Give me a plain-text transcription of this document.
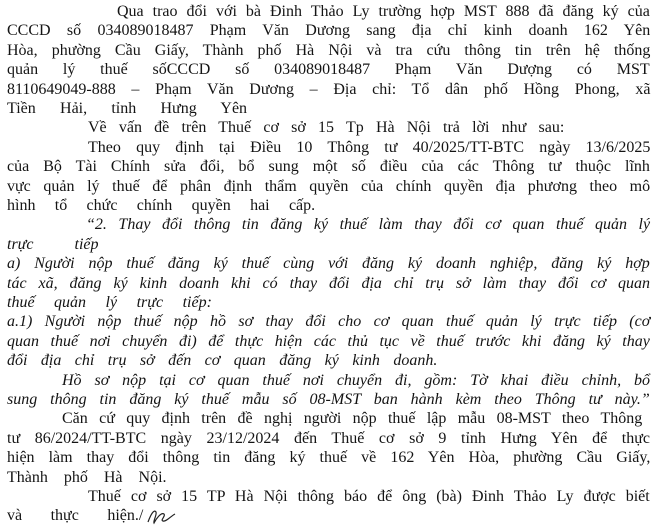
Qua trao đổi với bà Đinh Thảo Ly trường hợp MST 888 đã đăng ký của
CCCD số 034089018487 Phạm Văn Dương sang địa chỉ kinh doanh 162 Yên
Hòa, phường Cầu Giấy, Thành phố Hà Nội và tra cứu thông tin trên hệ thống
quản lý thuế sốCCCD số 034089018487 Phạm Văn Dượng có MST
8110649049-888 – Phạm Văn Dương – Địa chỉ: Tổ dân phố Hồng Phong, xã
Tiền Hải, tỉnh Hưng Yên
Về vấn đề trên Thuế cơ sở 15 Tp Hà Nội trả lời như sau:
Theo quy định tại Điều 10 Thông tư 40/2025/TT-BTC ngày 13/6/2025
của Bộ Tài Chính sửa đổi, bổ sung một số điều của các Thông tư thuộc lĩnh
vực quản lý thuế để phân định thẩm quyền của chính quyền địa phương theo mô
hình tổ chức chính quyền hai cấp.
“2. Thay đổi thông tin đăng ký thuế làm thay đổi cơ quan thuế quản lý
trực tiếp
a) Người nộp thuế đăng ký thuế cùng với đăng ký doanh nghiệp, đăng ký hợp
tác xã, đăng ký kinh doanh khi có thay đổi địa chỉ trụ sở làm thay đổi cơ quan
thuế quản lý trực tiếp:
a.1) Người nộp thuế nộp hồ sơ thay đổi cho cơ quan thuế quản lý trực tiếp (cơ
quan thuế nơi chuyển đi) để thực hiện các thủ tục về thuế trước khi đăng ký thay
đổi địa chỉ trụ sở đến cơ quan đăng ký kinh doanh.
Hồ sơ nộp tại cơ quan thuế nơi chuyển đi, gồm: Tờ khai điều chỉnh, bổ
sung thông tin đăng ký thuế mẫu số 08-MST ban hành kèm theo Thông tư này.”
Căn cứ quy định trên đề nghị người nộp thuế lập mẫu 08-MST theo Thông
tư 86/2024/TT-BTC ngày 23/12/2024 đến Thuế cơ sở 9 tỉnh Hưng Yên để thực
hiện làm thay đổi thông tin đăng ký thuế về 162 Yên Hòa, phường Cầu Giấy,
Thành phố Hà Nội.
Thuế cơ sở 15 TP Hà Nội thông báo để ông (bà) Đinh Thảo Ly được biết
và thực hiện./
